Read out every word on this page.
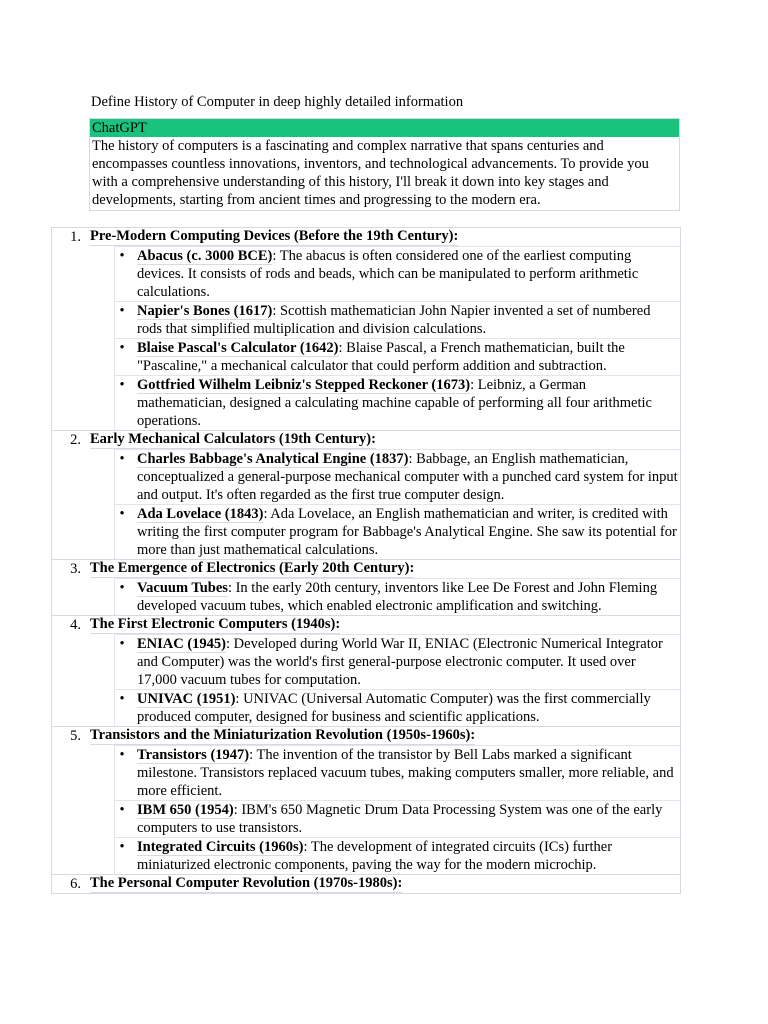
Define History of Computer in deep highly detailed information
ChatGPT
The history of computers is a fascinating and complex narrative that spans centuries and encompasses countless innovations, inventors, and technological advancements. To provide you with a comprehensive understanding of this history, I'll break it down into key stages and developments, starting from ancient times and progressing to the modern era.
1. Pre-Modern Computing Devices (Before the 19th Century):
• Abacus (c. 3000 BCE): The abacus is often considered one of the earliest computing devices. It consists of rods and beads, which can be manipulated to perform arithmetic calculations.
• Napier's Bones (1617): Scottish mathematician John Napier invented a set of numbered rods that simplified multiplication and division calculations.
• Blaise Pascal's Calculator (1642): Blaise Pascal, a French mathematician, built the "Pascaline," a mechanical calculator that could perform addition and subtraction.
• Gottfried Wilhelm Leibniz's Stepped Reckoner (1673): Leibniz, a German mathematician, designed a calculating machine capable of performing all four arithmetic operations.
2. Early Mechanical Calculators (19th Century):
• Charles Babbage's Analytical Engine (1837): Babbage, an English mathematician, conceptualized a general-purpose mechanical computer with a punched card system for input and output. It's often regarded as the first true computer design.
• Ada Lovelace (1843): Ada Lovelace, an English mathematician and writer, is credited with writing the first computer program for Babbage's Analytical Engine. She saw its potential for more than just mathematical calculations.
3. The Emergence of Electronics (Early 20th Century):
• Vacuum Tubes: In the early 20th century, inventors like Lee De Forest and John Fleming developed vacuum tubes, which enabled electronic amplification and switching.
4. The First Electronic Computers (1940s):
• ENIAC (1945): Developed during World War II, ENIAC (Electronic Numerical Integrator and Computer) was the world's first general-purpose electronic computer. It used over 17,000 vacuum tubes for computation.
• UNIVAC (1951): UNIVAC (Universal Automatic Computer) was the first commercially produced computer, designed for business and scientific applications.
5. Transistors and the Miniaturization Revolution (1950s-1960s):
• Transistors (1947): The invention of the transistor by Bell Labs marked a significant milestone. Transistors replaced vacuum tubes, making computers smaller, more reliable, and more efficient.
• IBM 650 (1954): IBM's 650 Magnetic Drum Data Processing System was one of the early computers to use transistors.
• Integrated Circuits (1960s): The development of integrated circuits (ICs) further miniaturized electronic components, paving the way for the modern microchip.
6. The Personal Computer Revolution (1970s-1980s):
